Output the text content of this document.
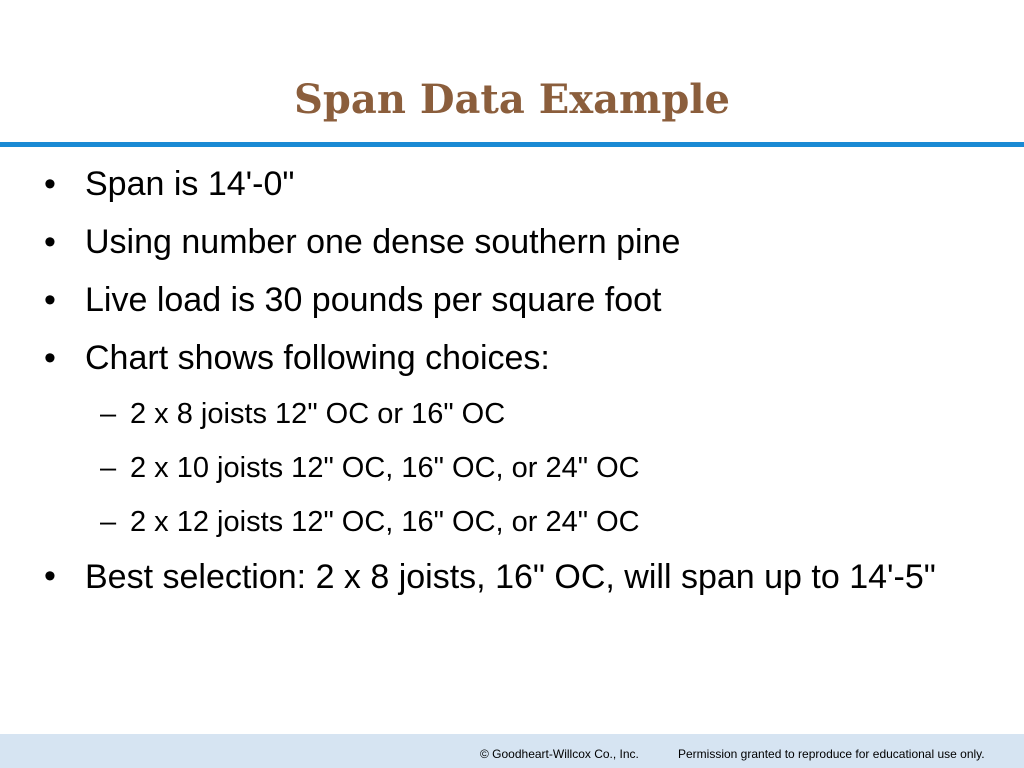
Span Data Example
• Span is 14'-0"
• Using number one dense southern pine
• Live load is 30 pounds per square foot
• Chart shows following choices:
– 2 x 8 joists 12" OC or 16" OC
– 2 x 10 joists 12" OC, 16" OC, or 24" OC
– 2 x 12 joists 12" OC, 16" OC, or 24" OC
• Best selection: 2 x 8 joists, 16" OC, will span up to 14'-5"
© Goodheart-Willcox Co., Inc.	Permission granted to reproduce for educational use only.
